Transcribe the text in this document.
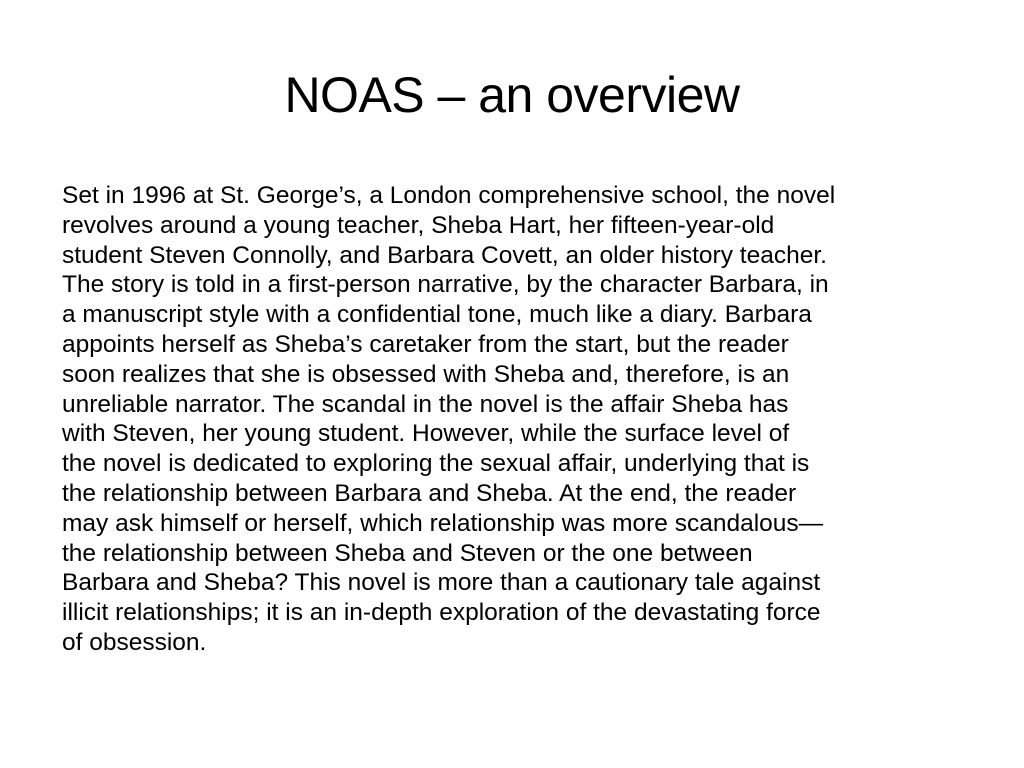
NOAS – an overview
Set in 1996 at St. George’s, a London comprehensive school, the novel
revolves around a young teacher, Sheba Hart, her fifteen-year-old
student Steven Connolly, and Barbara Covett, an older history teacher.
The story is told in a first-person narrative, by the character Barbara, in
a manuscript style with a confidential tone, much like a diary. Barbara
appoints herself as Sheba’s caretaker from the start, but the reader
soon realizes that she is obsessed with Sheba and, therefore, is an
unreliable narrator. The scandal in the novel is the affair Sheba has
with Steven, her young student. However, while the surface level of
the novel is dedicated to exploring the sexual affair, underlying that is
the relationship between Barbara and Sheba. At the end, the reader
may ask himself or herself, which relationship was more scandalous—
the relationship between Sheba and Steven or the one between
Barbara and Sheba? This novel is more than a cautionary tale against
illicit relationships; it is an in-depth exploration of the devastating force
of obsession.
